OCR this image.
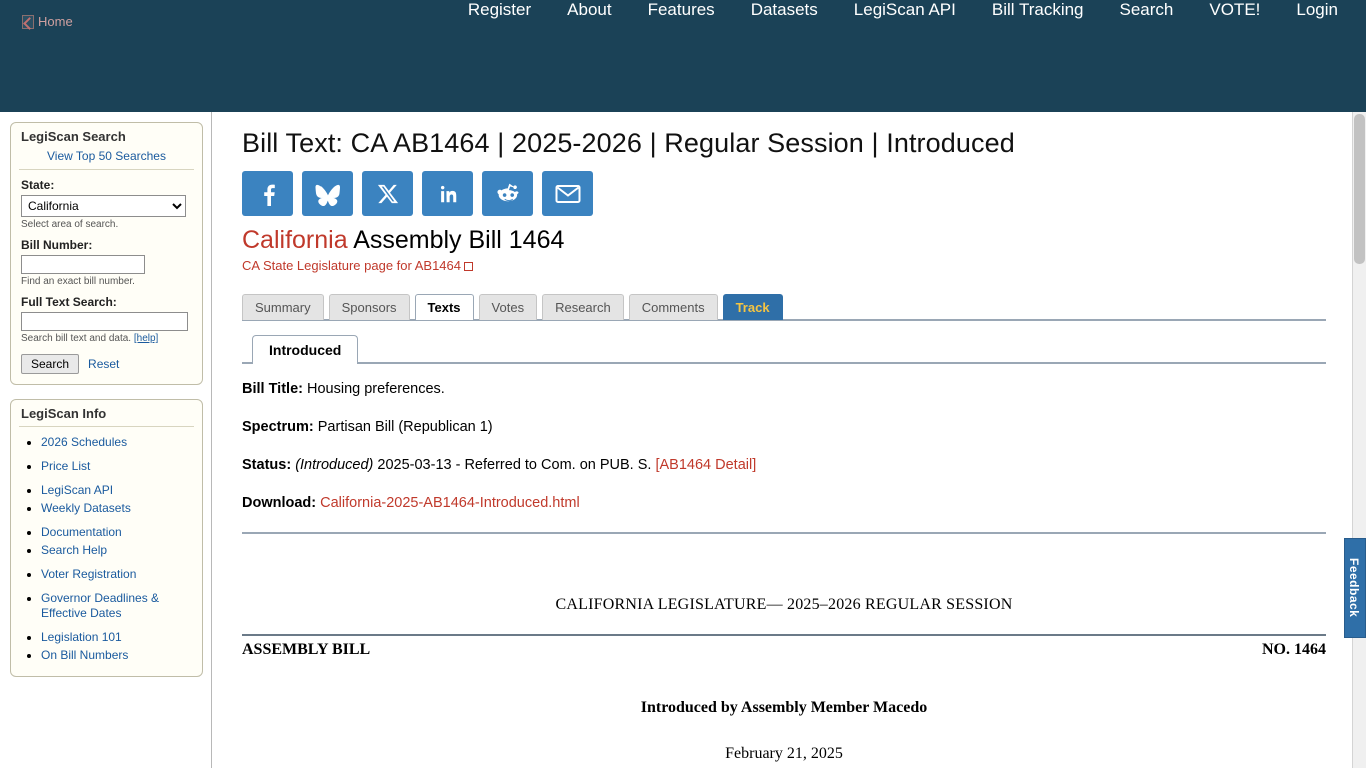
Home
Register	About	Features	Datasets	LegiScan API	Bill Tracking	Search	VOTE!	Login
LegiScan Search
View Top 50 Searches
State:
California
Select area of search.
Bill Number:
Find an exact bill number.
Full Text Search:
Search bill text and data. [help]
Search	Reset
LegiScan Info
• 2026 Schedules
• Price List
• LegiScan API
• Weekly Datasets
• Documentation
• Search Help
• Voter Registration
• Governor Deadlines & Effective Dates
• Legislation 101
• On Bill Numbers
Bill Text: CA AB1464 | 2025-2026 | Regular Session | Introduced
California Assembly Bill 1464
CA State Legislature page for AB1464
Summary	Sponsors	Texts	Votes	Research	Comments	Track
Introduced

Bill Title: Housing preferences.

Spectrum: Partisan Bill (Republican 1)

Status: (Introduced) 2025-03-13 - Referred to Com. on PUB. S. [AB1464 Detail]

Download: California-2025-AB1464-Introduced.html

CALIFORNIA LEGISLATURE— 2025–2026 REGULAR SESSION
ASSEMBLY BILL	NO. 1464
Introduced by Assembly Member Macedo
February 21, 2025
Feedback
